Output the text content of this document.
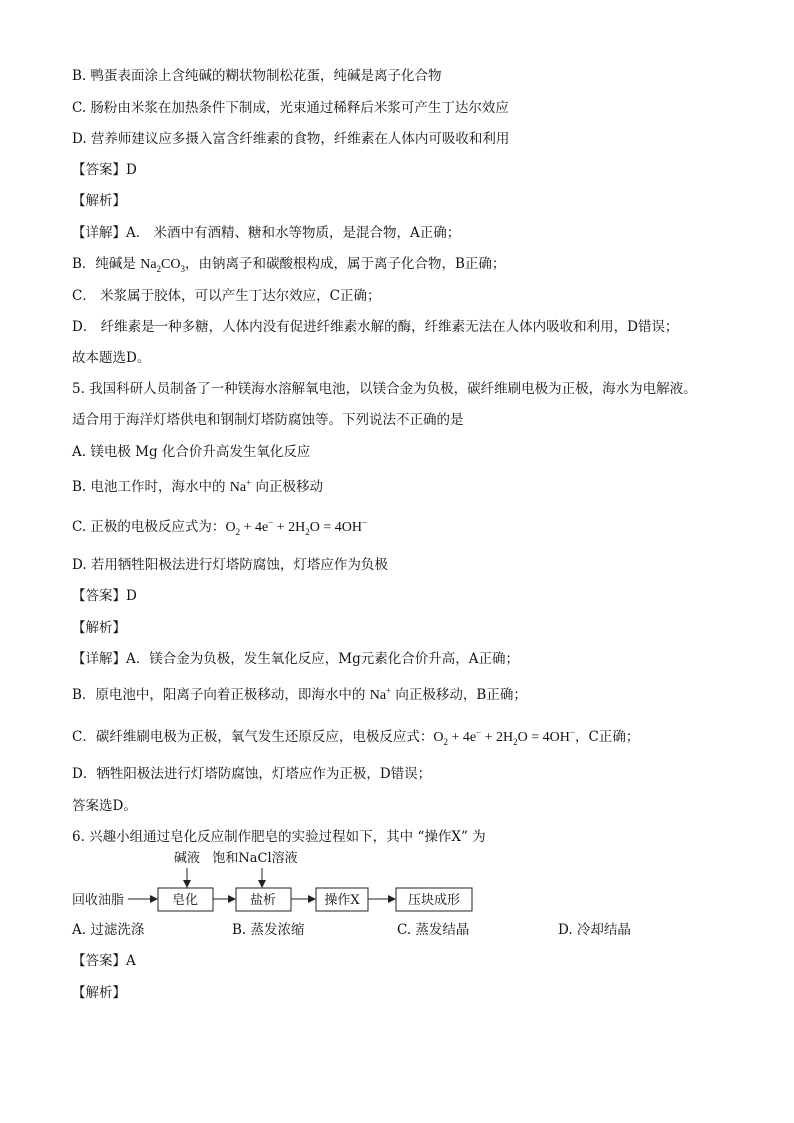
B. 鸭蛋表面涂上含纯碱的糊状物制松花蛋，纯碱是离子化合物
C. 肠粉由米浆在加热条件下制成，光束通过稀释后米浆可产生丁达尔效应
D. 营养师建议应多摄入富含纤维素的食物，纤维素在人体内可吸收和利用
【答案】D
【解析】
【详解】A． 米酒中有酒精、糖和水等物质，是混合物，A正确；
B．纯碱是 $Na_2CO_3$，由钠离子和碳酸根构成，属于离子化合物，B正确；
C． 米浆属于胶体，可以产生丁达尔效应，C正确；
D． 纤维素是一种多糖，人体内没有促进纤维素水解的酶，纤维素无法在人体内吸收和利用，D错误；
故本题选D。
5. 我国科研人员制备了一种镁海水溶解氧电池，以镁合金为负极，碳纤维刷电极为正极，海水为电解液。
适合用于海洋灯塔供电和钢制灯塔防腐蚀等。下列说法不正确的是
A. 镁电极 Mg 化合价升高发生氧化反应
B. 电池工作时，海水中的 Na+ 向正极移动
C. 正极的电极反应式为：$O_2 + 4e^- + 2H_2O = 4OH^-$
D. 若用牺牲阳极法进行灯塔防腐蚀，灯塔应作为负极
【答案】D
【解析】
【详解】A．镁合金为负极，发生氧化反应，Mg元素化合价升高，A正确；
B．原电池中，阳离子向着正极移动，即海水中的 Na+ 向正极移动，B正确；
C．碳纤维刷电极为正极，氧气发生还原反应，电极反应式：$O_2 + 4e^- + 2H_2O = 4OH^-$，C正确；
D．牺牲阳极法进行灯塔防腐蚀，灯塔应作为正极，D错误；
答案选D。
6. 兴趣小组通过皂化反应制作肥皂的实验过程如下，其中 “操作X” 为
碱液 饱和NaCl溶液
回收油脂	皂化	盐析	操作X	压块成形
A. 过滤洗涤	B. 蒸发浓缩	C. 蒸发结晶	D. 冷却结晶
【答案】A
【解析】
